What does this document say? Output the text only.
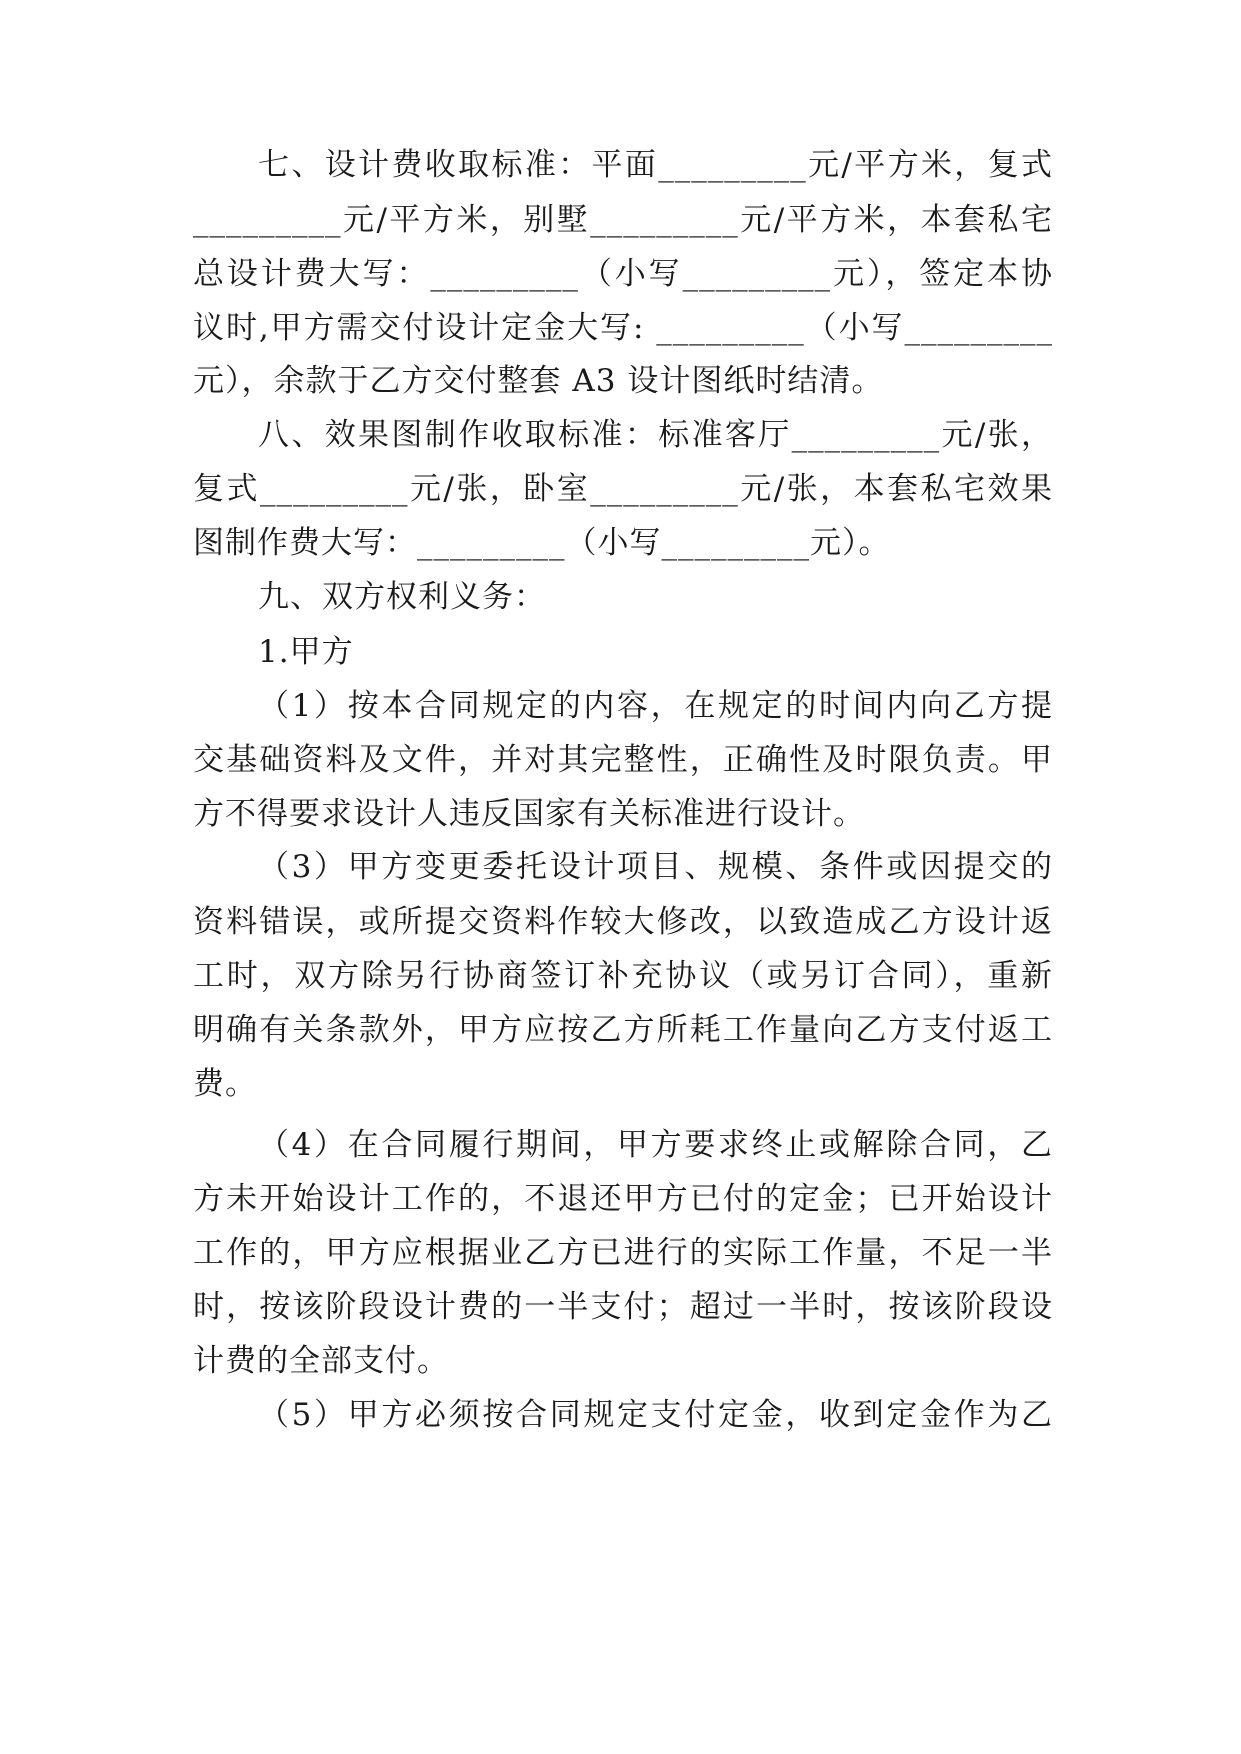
七、设计费收取标准：平面_________元/平方米，复式
_________元/平方米，别墅_________元/平方米，本套私宅
总设计费大写：_________（小写_________元），签定本协
议时,甲方需交付设计定金大写: _________（小写_________
元），余款于乙方交付整套 A3 设计图纸时结清。
八、效果图制作收取标准：标准客厅_________元/张，
复式_________元/张，卧室_________元/张，本套私宅效果
图制作费大写：_________（小写_________元）。
九、双方权利义务：
1.甲方
（1）按本合同规定的内容，在规定的时间内向乙方提
交基础资料及文件，并对其完整性，正确性及时限负责。甲
方不得要求设计人违反国家有关标准进行设计。
（3）甲方变更委托设计项目、规模、条件或因提交的
资料错误，或所提交资料作较大修改，以致造成乙方设计返
工时，双方除另行协商签订补充协议（或另订合同），重新
明确有关条款外，甲方应按乙方所耗工作量向乙方支付返工
费。
（4）在合同履行期间，甲方要求终止或解除合同，乙
方未开始设计工作的，不退还甲方已付的定金；已开始设计
工作的，甲方应根据业乙方已进行的实际工作量，不足一半
时，按该阶段设计费的一半支付；超过一半时，按该阶段设
计费的全部支付。
（5）甲方必须按合同规定支付定金，收到定金作为乙
